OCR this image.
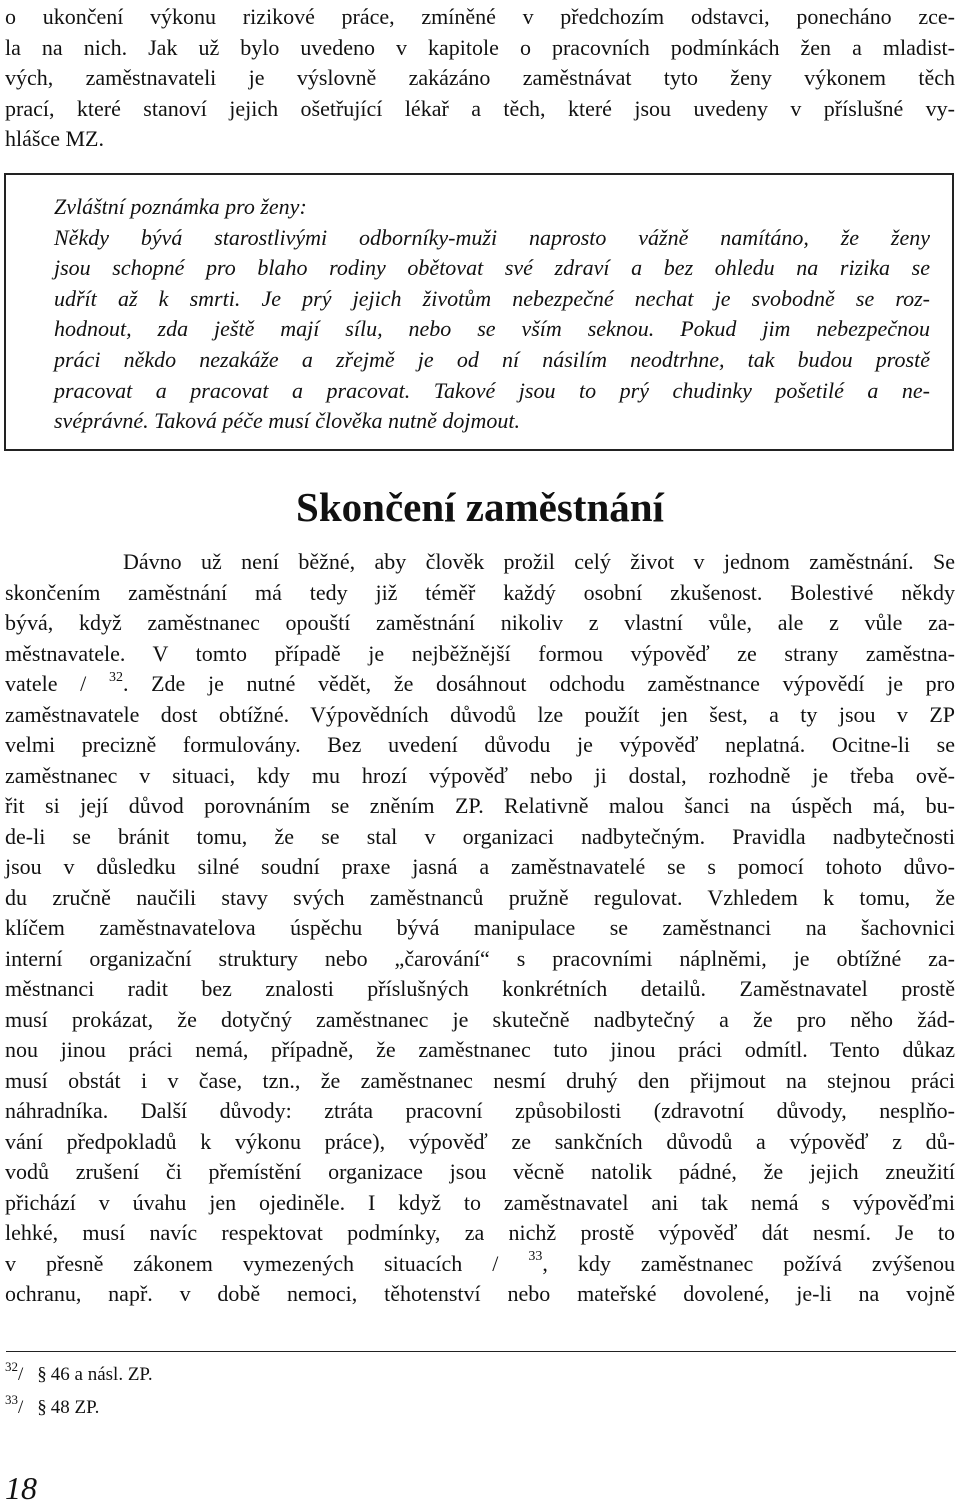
o ukončení výkonu rizikové práce, zmíněné v předchozím odstavci, ponecháno zce-
la na nich. Jak už bylo uvedeno v kapitole o pracovních podmínkách žen a mladist-
vých, zaměstnavateli je výslovně zakázáno zaměstnávat tyto ženy výkonem těch
prací, které stanoví jejich ošetřující lékař a těch, které jsou uvedeny v příslušné vy-
hlášce MZ.
Zvláštní poznámka pro ženy:
Někdy bývá starostlivými odborníky-muži naprosto vážně namítáno, že ženy
jsou schopné pro blaho rodiny obětovat své zdraví a bez ohledu na rizika se
udřít až k smrti. Je prý jejich životům nebezpečné nechat je svobodně se roz-
hodnout, zda ještě mají sílu, nebo se vším seknou. Pokud jim nebezpečnou
práci někdo nezakáže a zřejmě je od ní násilím neodtrhne, tak budou prostě
pracovat a pracovat a pracovat. Takové jsou to prý chudinky pošetilé a ne-
svéprávné. Taková péče musí člověka nutně dojmout.
Skončení zaměstnání
Dávno už není běžné, aby člověk prožil celý život v jednom zaměstnání. Se
skončením zaměstnání má tedy již téměř každý osobní zkušenost. Bolestivé někdy
bývá, když zaměstnanec opouští zaměstnání nikoliv z vlastní vůle, ale z vůle za-
městnavatele. V tomto případě je nejběžnější formou výpověď ze strany zaměstna-
vatele / $^{32}$. Zde je nutné vědět, že dosáhnout odchodu zaměstnance výpovědí je pro
zaměstnavatele dost obtížné. Výpovědních důvodů lze použít jen šest, a ty jsou v ZP
velmi precizně formulovány. Bez uvedení důvodu je výpověď neplatná. Ocitne-li se
zaměstnanec v situaci, kdy mu hrozí výpověď nebo ji dostal, rozhodně je třeba ově-
řit si její důvod porovnáním se zněním ZP. Relativně malou šanci na úspěch má, bu-
de-li se bránit tomu, že se stal v organizaci nadbytečným. Pravidla nadbytečnosti
jsou v důsledku silné soudní praxe jasná a zaměstnavatelé se s pomocí tohoto důvo-
du zručně naučili stavy svých zaměstnanců pružně regulovat. Vzhledem k tomu, že
klíčem zaměstnavatelova úspěchu bývá manipulace se zaměstnanci na šachovnici
interní organizační struktury nebo „čarování“ s pracovními náplněmi, je obtížné za-
městnanci radit bez znalosti příslušných konkrétních detailů. Zaměstnavatel prostě
musí prokázat, že dotyčný zaměstnanec je skutečně nadbytečný a že pro něho žád-
nou jinou práci nemá, případně, že zaměstnanec tuto jinou práci odmítl. Tento důkaz
musí obstát i v čase, tzn., že zaměstnanec nesmí druhý den přijmout na stejnou práci
náhradníka. Další důvody: ztráta pracovní způsobilosti (zdravotní důvody, nesplňo-
vání předpokladů k výkonu práce), výpověď ze sankčních důvodů a výpověď z dů-
vodů zrušení či přemístění organizace jsou věcně natolik pádné, že jejich zneužití
přichází v úvahu jen ojediněle. I když to zaměstnavatel ani tak nemá s výpověďmi
lehké, musí navíc respektovat podmínky, za nichž prostě výpověď dát nesmí. Je to
v přesně zákonem vymezených situacích / $^{33}$, kdy zaměstnanec požívá zvýšenou
ochranu, např. v době nemoci, těhotenství nebo mateřské dovolené, je-li na vojně
$^{32}$/ § 46 a násl. ZP.
$^{33}$/ § 48 ZP.
18
